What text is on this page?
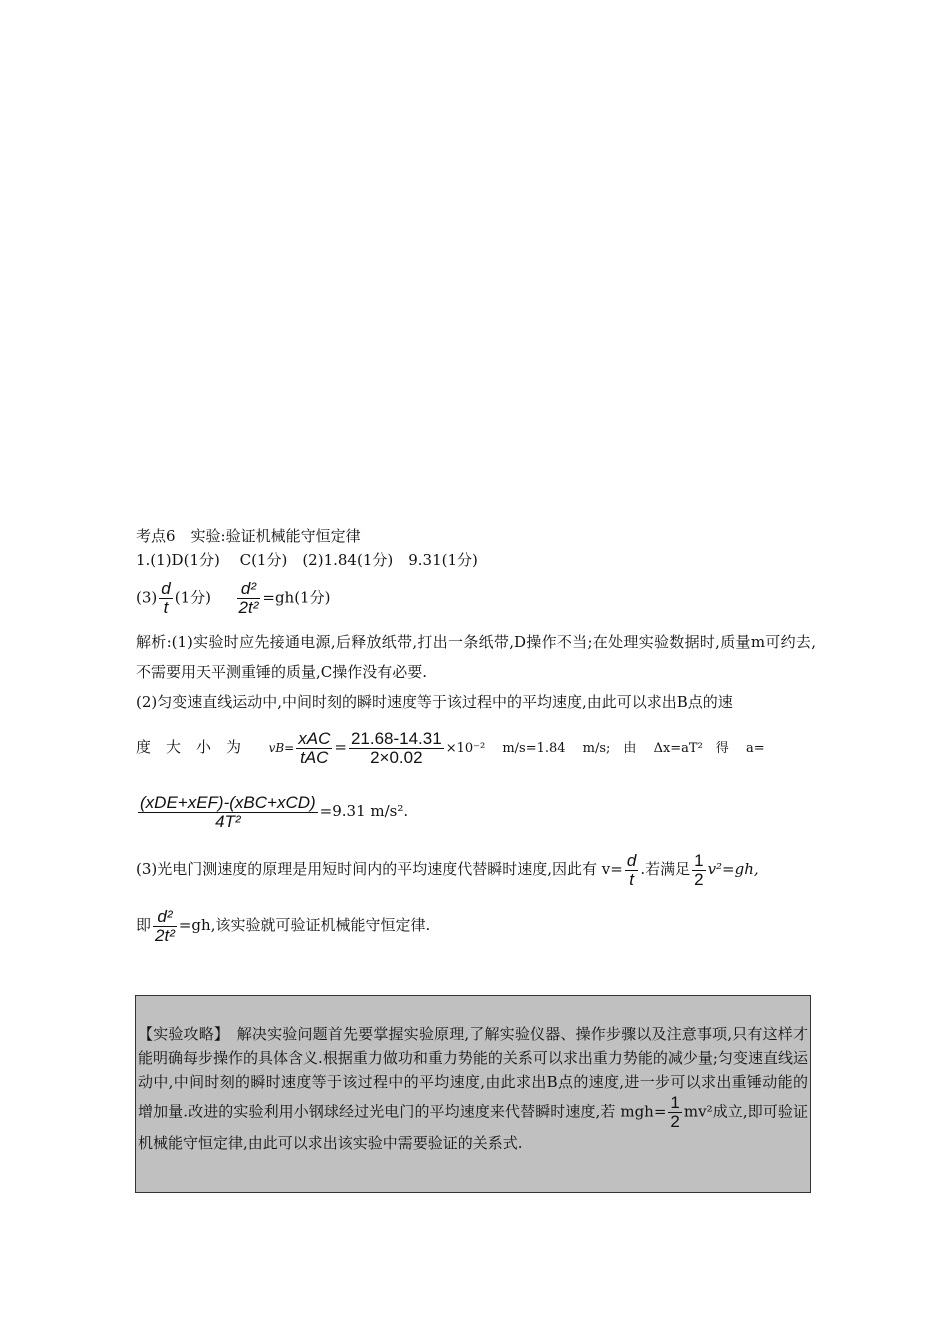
考点6　实验:验证机械能守恒定律
1.(1)D(1分)　 C(1分)　(2)1.84(1分)　9.31(1分)
$(3) \frac{d}{t} (1$分) $\frac{\text{d²}}{\text{2t²}} =gh(1$分)
解析:(1)实验时应先接通电源,后释放纸带,打出一条纸带,D操作不当;在处理实验数据时,质量m可约去,不需要用天平测重锤的质量,C操作没有必要.
(2)匀变速直线运动中,中间时刻的瞬时速度等于该过程中的平均速度,由此可以求出B点的速
度　大　小　为 $vB= \frac{\text{xAC}}{\text{tAC}} = \frac{21.68-14.31}{2\times 0.02} \times 10^{-2}$　 m/s=1.84　 m/s;　由　 Δx=aT²　得　 a=
$\frac{\text{(xDE+xEF)-(xBC+xCD)}}{\text{4T²}} =9.31$ m/s².
(3)光电门测速度的原理是用短时间内的平均速度代替瞬时速度,因此有 $v= \frac{d}{t}$ .若满足 $\frac{1}{2} v^2=gh$,
即 $\frac{\text{d²}}{\text{2t²}} =gh$,该实验就可验证机械能守恒定律.
【实验攻略】　解决实验问题首先要掌握实验原理,了解实验仪器、操作步骤以及注意事项,只有这样才能明确每步操作的具体含义.根据重力做功和重力势能的关系可以求出重力势能的减少量;匀变速直线运动中,中间时刻的瞬时速度等于该过程中的平均速度,由此求出B点的速度,进一步可以求出重锤动能的增加量.改进的实验利用小钢球经过光电门的平均速度来代替瞬时速度,若 $mgh= \frac{1}{2} mv^2$成立,即可验证机械能守恒定律,由此可以求出该实验中需要验证的关系式.
